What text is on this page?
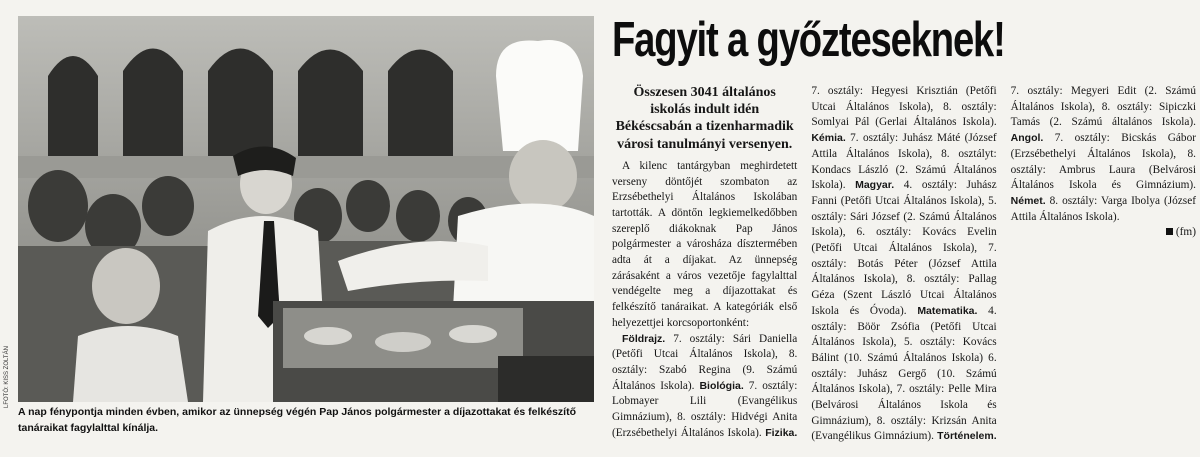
LFOTÓ: KISS ZOLTÁN

A nap fénypontja minden évben, amikor az ünnepség végén Pap János polgármester a díjazottakat és felkészítő tanáraikat fagylalttal kínálja.

Fagyit a győzteseknek!

Összesen 3041 általános iskolás indult idén Békéscsabán a tizenharmadik városi tanulmányi versenyen.

A kilenc tantárgyban meghirdetett verseny döntőjét szombaton az Erzsébethelyi Általános Iskolában tartották. A döntőn legkiemelkedőbben szereplő diákoknak Pap János polgármester a városháza dísztermében adta át a díjakat. Az ünnepség zárásaként a város vezetője fagylalttal vendégelte meg a díjazottakat és felkészítő tanáraikat. A kategóriák első helyezettjei korcsoportonként:

Földrajz. 7. osztály: Sári Daniella (Petőfi Utcai Általános Iskola), 8. osztály: Szabó Regina (9. Számú Általános Iskola). Biológia. 7. osztály: Lobmayer Lili (Evangélikus Gimnázium), 8. osztály: Hidvégi Anita (Erzsébethelyi Általános Iskola). Fizika. 7. osztály: Hegyesi Krisztián (Petőfi Utcai Általános Iskola), 8. osztály: Somlyai Pál (Gerlai Általános Iskola). Kémia. 7. osztály: Juhász Máté (József Attila Általános Iskola), 8. osztályt: Kondacs László (2. Számú Általános Iskola). Magyar. 4. osztály: Juhász Fanni (Petőfi Utcai Általános Iskola), 5. osztály: Sári József (2. Számú Általános Iskola), 6. osztály: Kovács Evelin (Petőfi Utcai Általános Iskola), 7. osztály: Botás Péter (József Attila Általános Iskola), 8. osztály: Pallag Géza (Szent László Utcai Általános Iskola és Óvoda). Matematika. 4. osztály: Böör Zsófia (Petőfi Utcai Általános Iskola), 5. osztály: Kovács Bálint (10. Számú Általános Iskola) 6. osztály: Juhász Gergő (10. Számú Általános Iskola), 7. osztály: Pelle Mira (Belvárosi Általános Iskola és Gimnázium), 8. osztály: Krizsán Anita (Evangélikus Gimnázium). Történelem. 7. osztály: Megyeri Edit (2. Számú Általános Iskola), 8. osztály: Sipiczki Tamás (2. Számú általános Iskola). Angol. 7. osztály: Bicskás Gábor (Erzsébethelyi Általános Iskola), 8. osztály: Ambrus Laura (Belvárosi Általános Iskola és Gimnázium). Német. 8. osztály: Varga Ibolya (József Attila Általános Iskola).

(fm)
